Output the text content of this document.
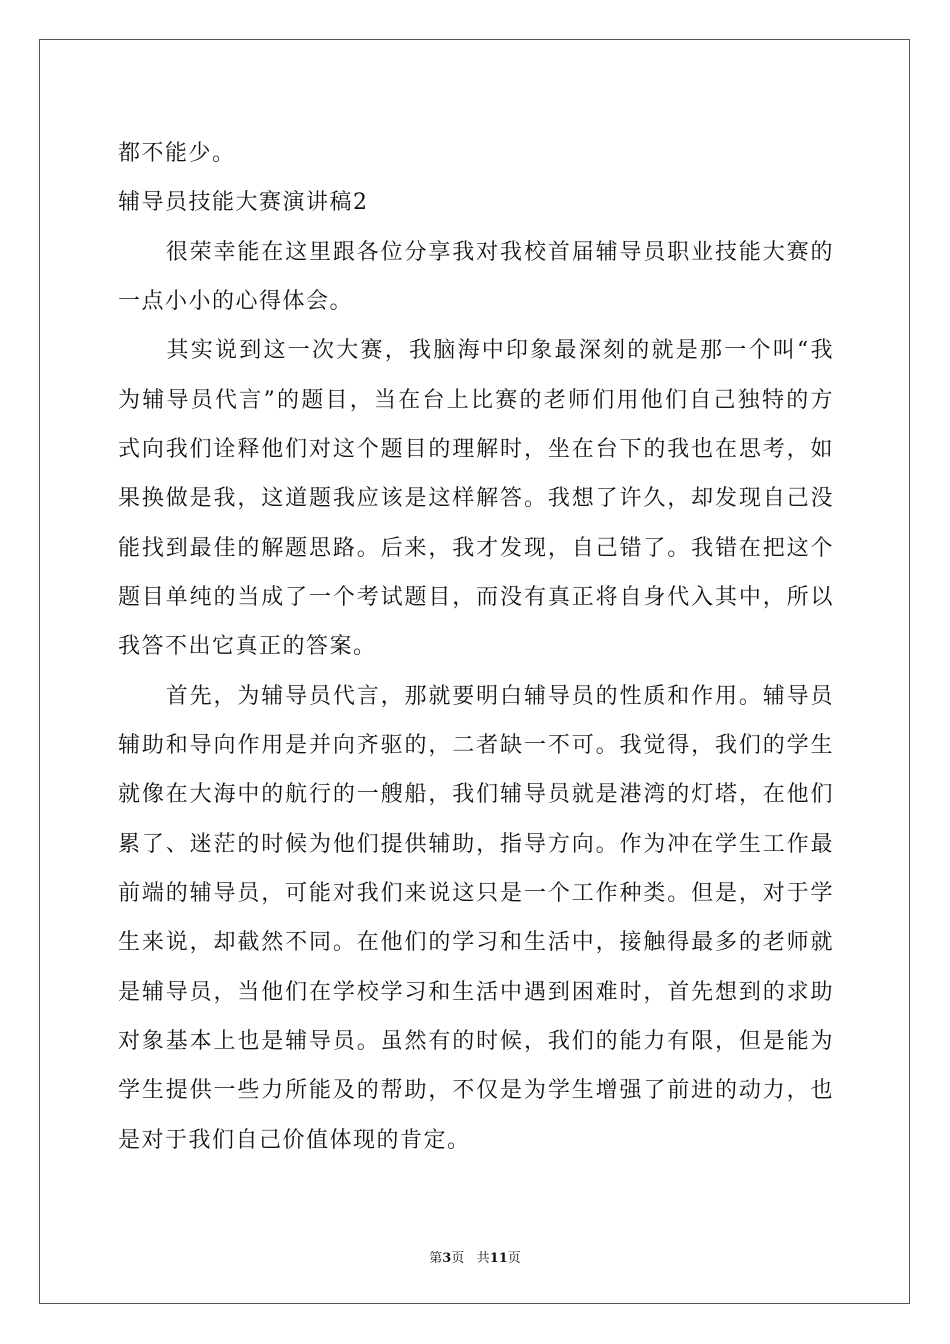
都不能少。
辅导员技能大赛演讲稿2
　　很荣幸能在这里跟各位分享我对我校首届辅导员职业技能大赛的
一点小小的心得体会。
　　其实说到这一次大赛，我脑海中印象最深刻的就是那一个叫“我
为辅导员代言”的题目，当在台上比赛的老师们用他们自己独特的方
式向我们诠释他们对这个题目的理解时，坐在台下的我也在思考，如
果换做是我，这道题我应该是这样解答。我想了许久，却发现自己没
能找到最佳的解题思路。后来，我才发现，自己错了。我错在把这个
题目单纯的当成了一个考试题目，而没有真正将自身代入其中，所以
我答不出它真正的答案。
　　首先，为辅导员代言，那就要明白辅导员的性质和作用。辅导员
辅助和导向作用是并向齐驱的，二者缺一不可。我觉得，我们的学生
就像在大海中的航行的一艘船，我们辅导员就是港湾的灯塔，在他们
累了、迷茫的时候为他们提供辅助，指导方向。作为冲在学生工作最
前端的辅导员，可能对我们来说这只是一个工作种类。但是，对于学
生来说，却截然不同。在他们的学习和生活中，接触得最多的老师就
是辅导员，当他们在学校学习和生活中遇到困难时，首先想到的求助
对象基本上也是辅导员。虽然有的时候，我们的能力有限，但是能为
学生提供一些力所能及的帮助，不仅是为学生增强了前进的动力，也
是对于我们自己价值体现的肯定。
第3页 共11页
